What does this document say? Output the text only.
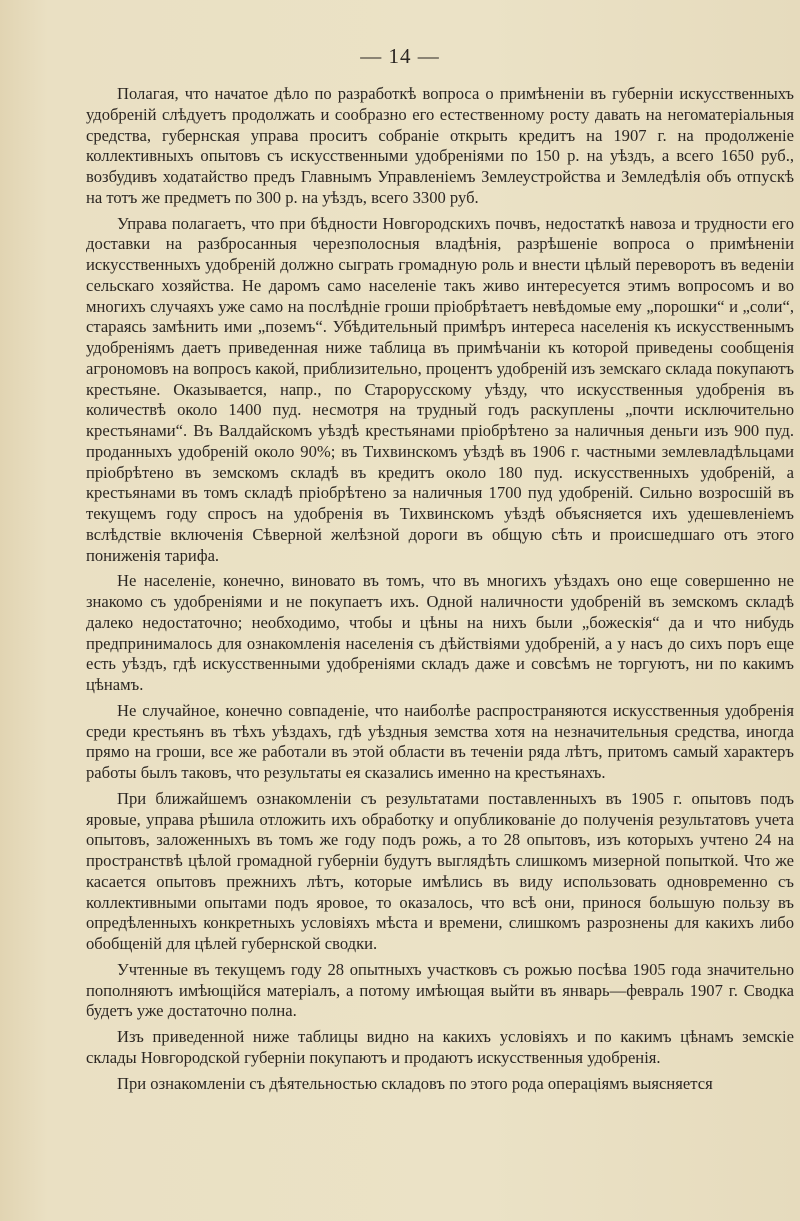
— 14 —

Полагая, что начатое дѣло по разработкѣ вопроса о примѣненіи въ губерніи искусственныхъ удобреній слѣдуетъ продолжать и сообразно его естественному росту давать на негоматеріальныя средства, губернская управа проситъ собраніе открыть кредитъ на 1907 г. на продолженіе коллективныхъ опытовъ съ искусственными удобреніями по 150 р. на уѣздъ, а всего 1650 руб., возбудивъ ходатайство предъ Главнымъ Управленіемъ Землеустройства и Земледѣлія объ отпускѣ на тотъ же предметъ по 300 р. на уѣздъ, всего 3300 руб.

Управа полагаетъ, что при бѣдности Новгородскихъ почвъ, недостаткѣ навоза и трудности его доставки на разбросанныя черезполосныя владѣнія, разрѣшеніе вопроса о примѣненіи искусственныхъ удобреній должно сыграть громадную роль и внести цѣлый переворотъ въ веденіи сельскаго хозяйства. Не даромъ само населеніе такъ живо интересуется этимъ вопросомъ и во многихъ случаяхъ уже само на послѣдніе гроши пріобрѣтаетъ невѣдомые ему „порошки“ и „соли“, стараясь замѣнить ими „поземъ“. Убѣдительный примѣръ интереса населенія къ искусственнымъ удобреніямъ даетъ приведенная ниже таблица въ примѣчаніи къ которой приведены сообщенія агрономовъ на вопросъ какой, приблизительно, процентъ удобреній изъ земскаго склада покупаютъ крестьяне. Оказывается, напр., по Старорусскому уѣзду, что искусственныя удобренія въ количествѣ около 1400 пуд. несмотря на трудный годъ раскуплены „почти исключительно крестьянами“. Въ Валдайскомъ уѣздѣ крестьянами пріобрѣтено за наличныя деньги изъ 900 пуд. проданныхъ удобреній около 90%; въ Тихвинскомъ уѣздѣ въ 1906 г. частными землевладѣльцами пріобрѣтено въ земскомъ складѣ въ кредитъ около 180 пуд. искусственныхъ удобреній, а крестьянами въ томъ складѣ пріобрѣтено за наличныя 1700 пуд удобреній. Сильно возросшій въ текущемъ году спросъ на удобренія въ Тихвинскомъ уѣздѣ объясняется ихъ удешевленіемъ вслѣдствіе включенія Сѣверной желѣзной дороги въ общую сѣть и происшедшаго отъ этого пониженія тарифа.

Не населеніе, конечно, виновато въ томъ, что въ многихъ уѣздахъ оно еще совершенно не знакомо съ удобреніями и не покупаетъ ихъ. Одной наличности удобреній въ земскомъ складѣ далеко недостаточно; необходимо, чтобы и цѣны на нихъ были „божескія“ да и что нибудь предпринималось для ознакомленія населенія съ дѣйствіями удобреній, а у насъ до сихъ поръ еще есть уѣздъ, гдѣ искусственными удобреніями складъ даже и совсѣмъ не торгуютъ, ни по какимъ цѣнамъ.

Не случайное, конечно совпаденіе, что наиболѣе распространяются искусственныя удобренія среди крестьянъ въ тѣхъ уѣздахъ, гдѣ уѣздныя земства хотя на незначительныя средства, иногда прямо на гроши, все же работали въ этой области въ теченіи ряда лѣтъ, притомъ самый характеръ работы былъ таковъ, что результаты ея сказались именно на крестьянахъ.

При ближайшемъ ознакомленіи съ результатами поставленныхъ въ 1905 г. опытовъ подъ яровые, управа рѣшила отложить ихъ обработку и опубликованіе до полученія результатовъ учета опытовъ, заложенныхъ въ томъ же году подъ рожь, а то 28 опытовъ, изъ которыхъ учтено 24 на пространствѣ цѣлой громадной губерніи будутъ выглядѣть слишкомъ мизерной попыткой. Что же касается опытовъ прежнихъ лѣтъ, которые имѣлись въ виду использовать одновременно съ коллективными опытами подъ яровое, то оказалось, что всѣ они, принося большую пользу въ опредѣленныхъ конкретныхъ условіяхъ мѣста и времени, слишкомъ разрознены для какихъ либо обобщеній для цѣлей губернской сводки.

Учтенные въ текущемъ году 28 опытныхъ участковъ съ рожью посѣва 1905 года значительно пополняютъ имѣющійся матеріалъ, а потому имѣющая выйти въ январь—февраль 1907 г. Сводка будетъ уже достаточно полна.

Изъ приведенной ниже таблицы видно на какихъ условіяхъ и по какимъ цѣнамъ земскіе склады Новгородской губерніи покупаютъ и продаютъ искусственныя удобренія.

При ознакомленіи съ дѣятельностью складовъ по этого рода операціямъ выясняется
